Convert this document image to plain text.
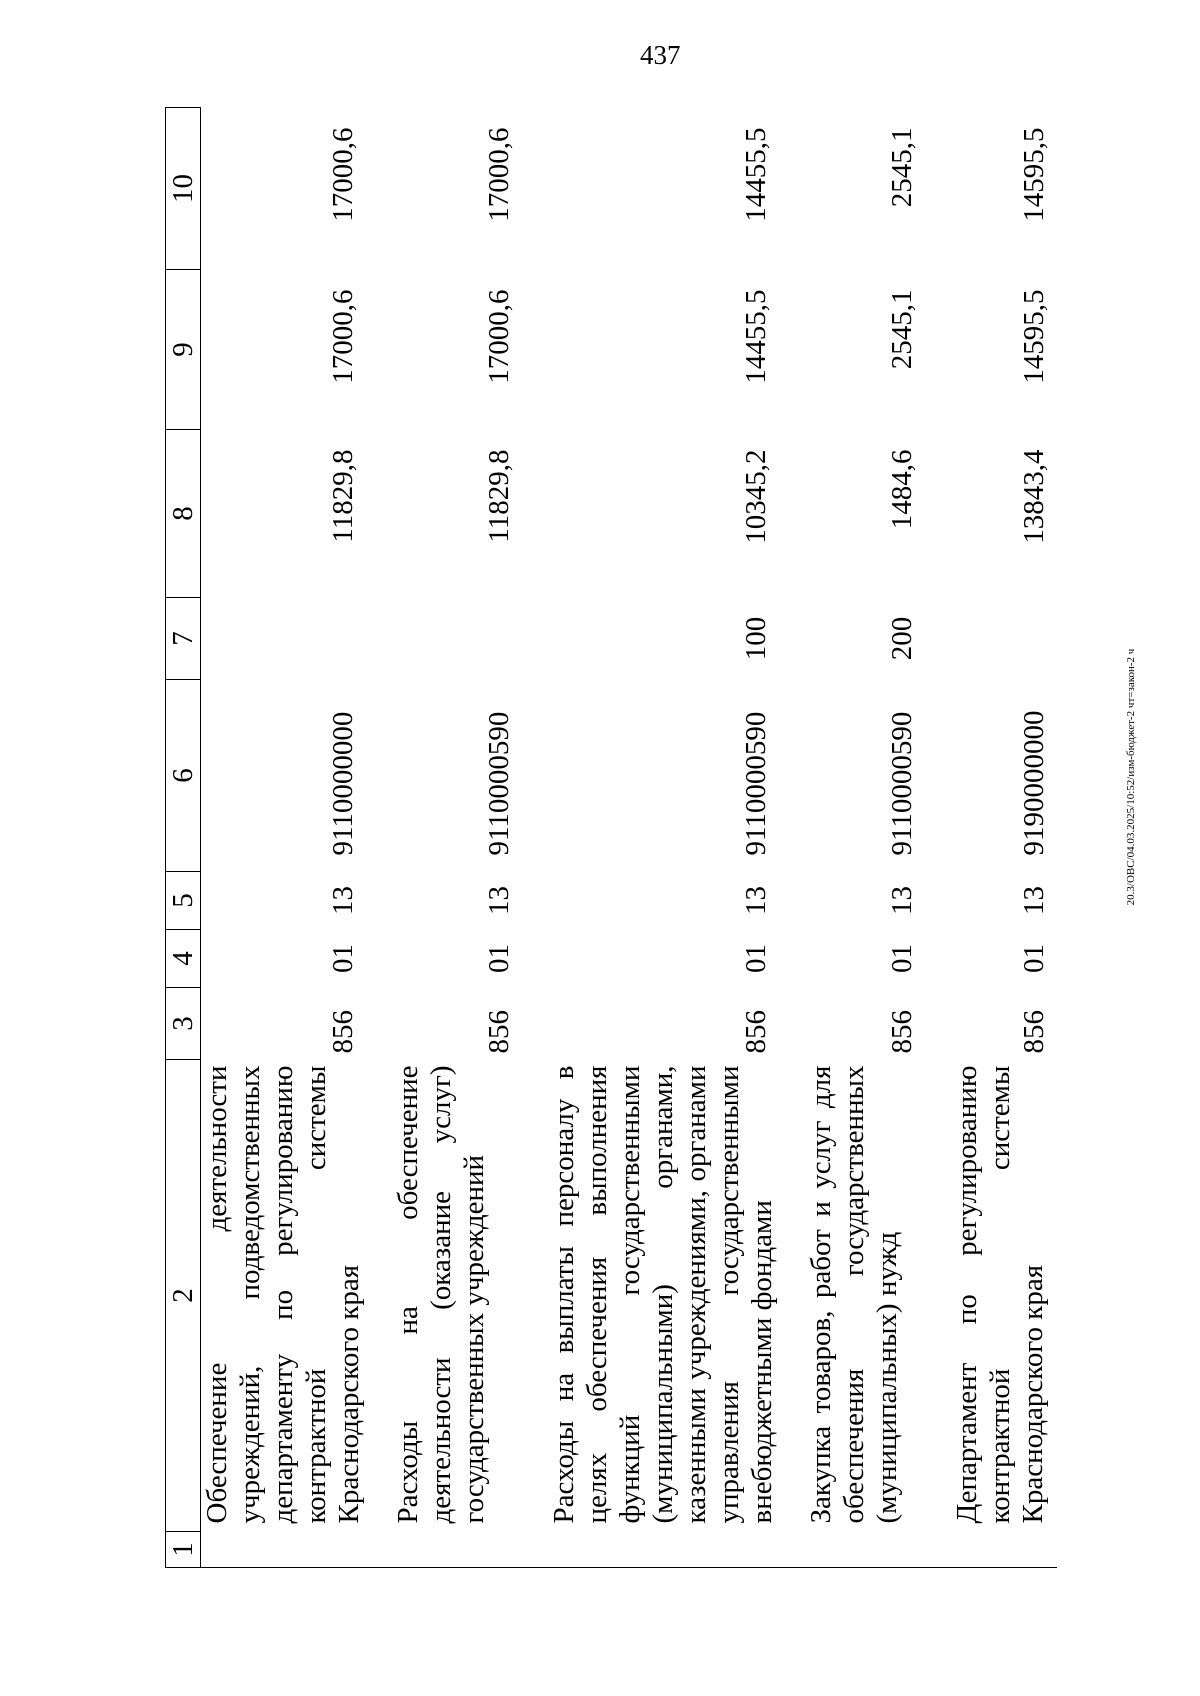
437
20.3/ОВС/04.03.2025/10:52/изм-бюджет-2 чт=закон-2 ч
1	2	3	4	5	6	7	8	9	10

	Обеспечение деятельности учреждений, подведомственных департаменту по регулированию контрактной системы Краснодарского края	856	01	13	9110000000		11829,8	17000,6	17000,6

	Расходы на обеспечение деятельности (оказание услуг) государственных учреждений	856	01	13	9110000590		11829,8	17000,6	17000,6

	Расходы на выплаты персоналу в целях обеспечения выполнения функций государственными (муниципальными) органами, казенными учреждениями, органами управления государственными внебюджетными фондами	856	01	13	9110000590	100	10345,2	14455,5	14455,5

	Закупка товаров, работ и услуг для обеспечения государственных (муниципальных) нужд	856	01	13	9110000590	200	1484,6	2545,1	2545,1

	Департамент по регулированию контрактной системы Краснодарского края	856	01	13	9190000000		13843,4	14595,5	14595,5
